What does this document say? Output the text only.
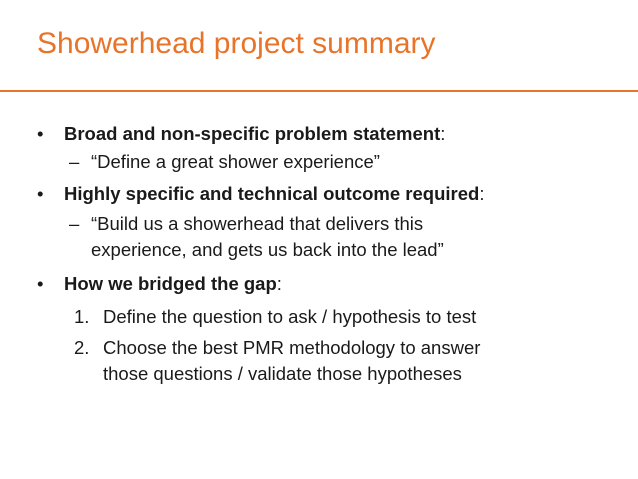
Showerhead project summary
• Broad and non-specific problem statement:
– “Define a great shower experience”
• Highly specific and technical outcome required:
– “Build us a showerhead that delivers this
experience, and gets us back into the lead”
• How we bridged the gap:
1. Define the question to ask / hypothesis to test
2. Choose the best PMR methodology to answer
those questions / validate those hypotheses
